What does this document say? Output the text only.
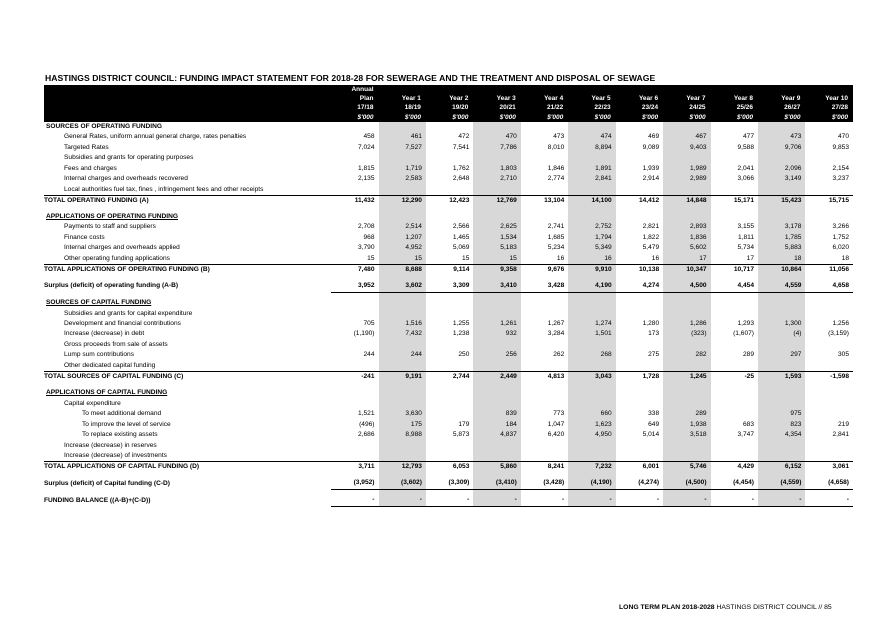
HASTINGS DISTRICT COUNCIL: FUNDING IMPACT STATEMENT FOR 2018-28 FOR SEWERAGE AND THE TREATMENT AND DISPOSAL OF SEWAGE
	Annual										
	Plan	Year 1	Year 2	Year 3	Year 4	Year 5	Year 6	Year 7	Year 8	Year 9	Year 10
	17/18	18/19	19/20	20/21	21/22	22/23	23/24	24/25	25/26	26/27	27/28
	$'000	$'000	$'000	$'000	$'000	$'000	$'000	$'000	$'000	$'000	$'000
SOURCES OF OPERATING FUNDING											
General Rates, uniform annual general charge, rates penalties	458	461	472	470	473	474	469	467	477	473	470
Targeted Rates	7,024	7,527	7,541	7,786	8,010	8,894	9,089	9,403	9,588	9,706	9,853
Subsidies and grants for operating purposes											
Fees and charges	1,815	1,719	1,762	1,803	1,846	1,891	1,939	1,989	2,041	2,096	2,154
Internal charges and overheads recovered	2,135	2,583	2,648	2,710	2,774	2,841	2,914	2,989	3,066	3,149	3,237
Local authorities fuel tax, fines , infringement fees and other receipts											
TOTAL OPERATING FUNDING (A)	11,432	12,290	12,423	12,769	13,104	14,100	14,412	14,848	15,171	15,423	15,715

APPLICATIONS OF OPERATING FUNDING											
Payments to staff and suppliers	2,708	2,514	2,566	2,625	2,741	2,752	2,821	2,893	3,155	3,178	3,266
Finance costs	968	1,207	1,465	1,534	1,685	1,794	1,822	1,836	1,811	1,785	1,752
Internal charges and overheads applied	3,790	4,952	5,069	5,183	5,234	5,349	5,479	5,602	5,734	5,883	6,020
Other operating funding applications	15	15	15	15	16	16	16	17	17	18	18
TOTAL APPLICATIONS OF OPERATING FUNDING (B)	7,480	8,688	9,114	9,358	9,676	9,910	10,138	10,347	10,717	10,864	11,056

Surplus (deficit) of operating funding (A-B)	3,952	3,602	3,309	3,410	3,428	4,190	4,274	4,500	4,454	4,559	4,658

SOURCES OF CAPITAL FUNDING											
Subsidies and grants for capital expenditure											
Development and financial contributions	705	1,516	1,255	1,261	1,267	1,274	1,280	1,286	1,293	1,300	1,256
Increase (decrease) in debt	(1,190)	7,432	1,238	932	3,284	1,501	173	(323)	(1,607)	(4)	(3,159)
Gross proceeds from sale of assets											
Lump sum contributions	244	244	250	256	262	268	275	282	289	297	305
Other dedicated capital funding											
TOTAL SOURCES OF CAPITAL FUNDING (C)	-241	9,191	2,744	2,449	4,813	3,043	1,728	1,245	-25	1,593	-1,598

APPLICATIONS OF CAPITAL FUNDING											
Capital expenditure											
To meet additional demand	1,521	3,630		839	773	660	338	289		975	
To improve the level of service	(496)	175	179	184	1,047	1,623	649	1,938	683	823	219
To replace existing assets	2,686	8,988	5,873	4,837	6,420	4,950	5,014	3,518	3,747	4,354	2,841
Increase (decrease) in reserves											
Increase (decrease) of investments											
TOTAL APPLICATIONS OF CAPITAL FUNDING (D)	3,711	12,793	6,053	5,860	8,241	7,232	6,001	5,746	4,429	6,152	3,061

Surplus (deficit) of Capital funding (C-D)	(3,952)	(3,602)	(3,309)	(3,410)	(3,428)	(4,190)	(4,274)	(4,500)	(4,454)	(4,559)	(4,658)

FUNDING BALANCE ((A-B)+(C-D))	-	-	-	-	-	-	-	-	-	-	-
LONG TERM PLAN 2018-2028 HASTINGS DISTRICT COUNCIL // 85
